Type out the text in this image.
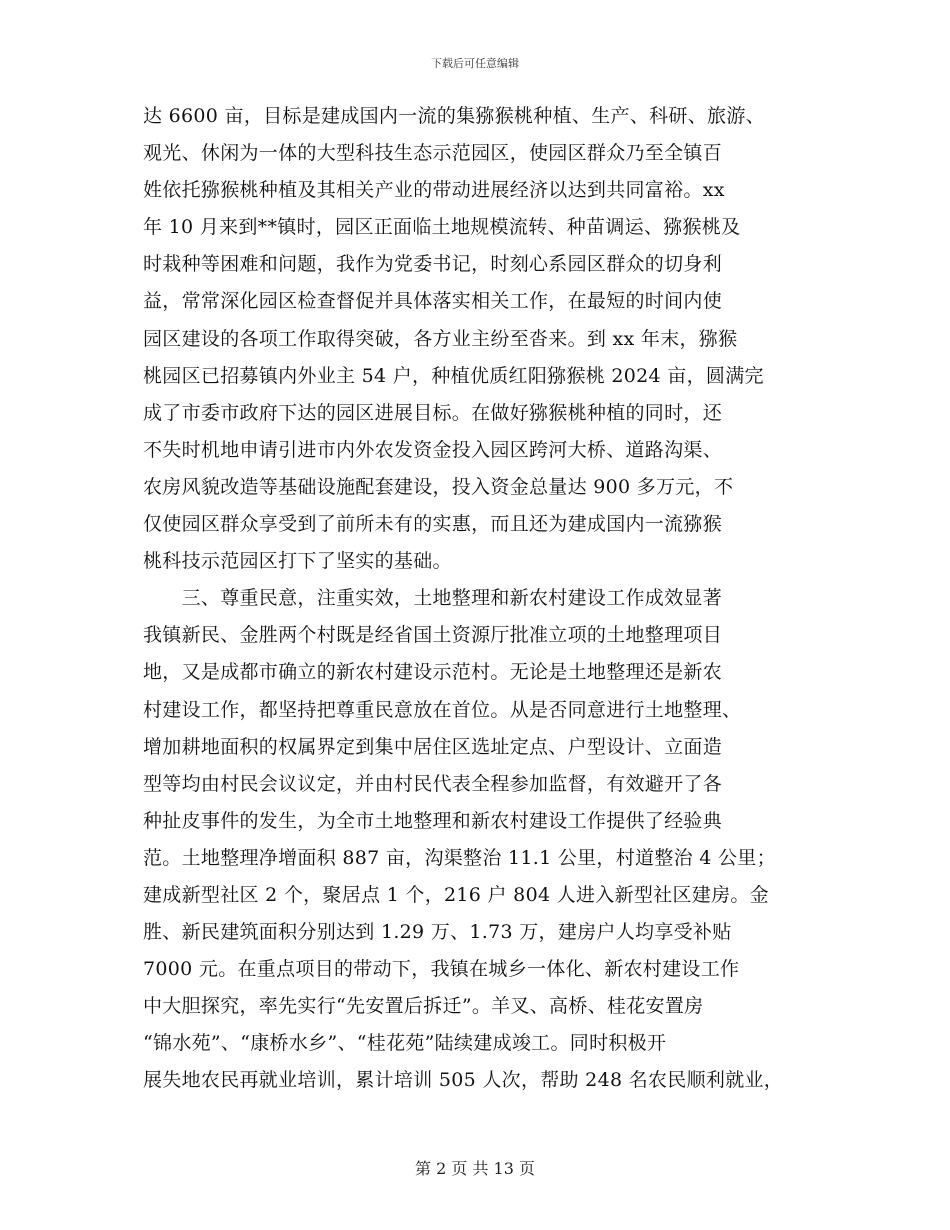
下载后可任意编辑
达 6600 亩，目标是建成国内一流的集猕猴桃种植、生产、科研、旅游、
观光、休闲为一体的大型科技生态示范园区，使园区群众乃至全镇百
姓依托猕猴桃种植及其相关产业的带动进展经济以达到共同富裕。xx
年 10 月来到**镇时，园区正面临土地规模流转、种苗调运、猕猴桃及
时栽种等困难和问题，我作为党委书记，时刻心系园区群众的切身利
益，常常深化园区检查督促并具体落实相关工作，在最短的时间内使
园区建设的各项工作取得突破，各方业主纷至沓来。到 xx 年末，猕猴
桃园区已招募镇内外业主 54 户，种植优质红阳猕猴桃 2024 亩，圆满完
成了市委市政府下达的园区进展目标。在做好猕猴桃种植的同时，还
不失时机地申请引进市内外农发资金投入园区跨河大桥、道路沟渠、
农房风貌改造等基础设施配套建设，投入资金总量达 900 多万元，不
仅使园区群众享受到了前所未有的实惠，而且还为建成国内一流猕猴
桃科技示范园区打下了坚实的基础。
　　三、尊重民意，注重实效，土地整理和新农村建设工作成效显著
我镇新民、金胜两个村既是经省国土资源厅批准立项的土地整理项目
地，又是成都市确立的新农村建设示范村。无论是土地整理还是新农
村建设工作，都坚持把尊重民意放在首位。从是否同意进行土地整理、
增加耕地面积的权属界定到集中居住区选址定点、户型设计、立面造
型等均由村民会议议定，并由村民代表全程参加监督，有效避开了各
种扯皮事件的发生，为全市土地整理和新农村建设工作提供了经验典
范。土地整理净增面积 887 亩，沟渠整治 11.1 公里，村道整治 4 公里；
建成新型社区 2 个，聚居点 1 个，216 户 804 人进入新型社区建房。金
胜、新民建筑面积分别达到 1.29 万、1.73 万，建房户人均享受补贴
7000 元。在重点项目的带动下，我镇在城乡一体化、新农村建设工作
中大胆探究，率先实行“先安置后拆迁”。羊叉、高桥、桂花安置房
“锦水苑”、“康桥水乡”、“桂花苑”陆续建成竣工。同时积极开
展失地农民再就业培训，累计培训 505 人次，帮助 248 名农民顺利就业，
第 2 页 共 13 页
